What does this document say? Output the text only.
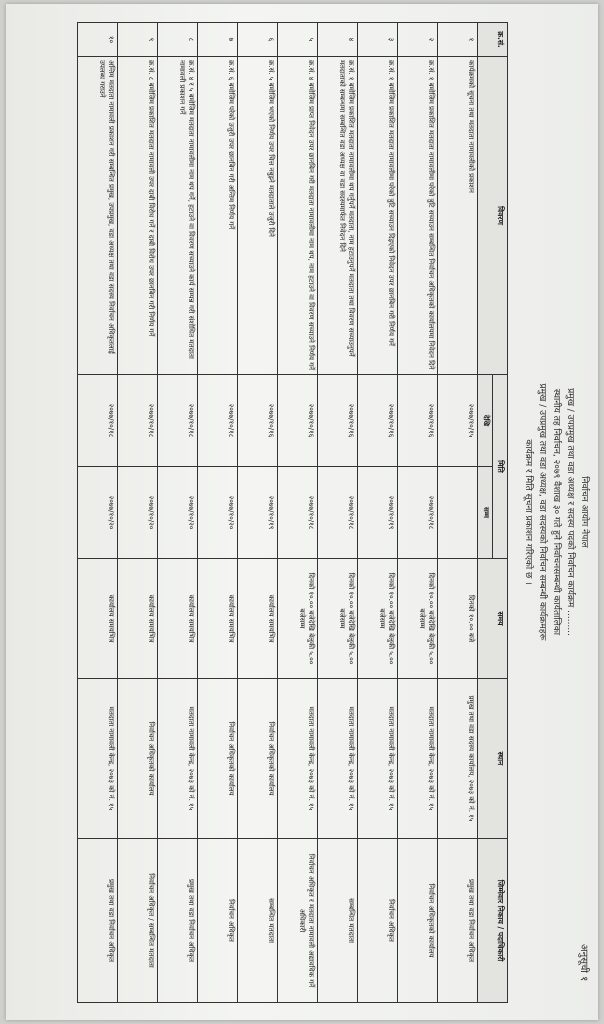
अनुसूची १
निर्वाचन आयोग नेपाल
प्रमुख / उपप्रमुख तथा वडा अध्यक्ष र सदस्य पदको निर्वाचन कार्यक्रम .........
स्थानीय तह निर्वाचन, २०७९ वैशाख ३० गते हुने निर्वाचनसम्बन्धी कार्यतालिका
प्रमुख / उपप्रमुख तथा वडा अध्यक्ष, वडा सदस्यको निर्वाचन सम्बन्धी कार्यक्रमहरू
कार्यक्रम र मिति सूचना प्रकाशन गरिएको छ ।
क्र.सं.	विवरण	मिति		समय	स्थान	जिम्मेवार निकाय / पदाधिकारी
		देखि	सम्म			
१	कार्यक्रमको सूचना तथा मतदाता नामावलीको प्रकाशन	२०७७/१०/१५		दिनको १०.०० बजे	प्रमुख तथा वडा सदस्य कार्यालय, २०७३ को नं. १५	प्रमुख तथा वडा निर्वाचन अधिकृत
२	क्र.सं. १ बमोजिम प्रकाशित मतदाता नामावलीमा परेको त्रुटि सच्याउन सम्बन्धित निर्वाचन अधिकृतको कार्यालयमा निवेदन दिने	२०७७/१०/१६	२०७७/१०/१८	दिनको १०.०० बजेदेखि बेलुकी ५.०० बजेसम्म	मतदाता नामावली केन्द्र, २०७३ को नं. १५	निर्वाचन अधिकृतको कार्यालय
३	क्र.सं. १ बमोजिम प्रकाशित मतदाता नामावलीमा परेको त्रुटि सच्याउन दिइएको निवेदन उपर छानबिन गरी निर्णय गर्ने	२०७७/१०/१६	२०७७/१०/१९	दिनको १०.०० बजेदेखि बेलुकी ५.०० बजेसम्म	मतदाता नामावली केन्द्र, २०७३ को नं. १५	निर्वाचन अधिकृत
४	क्र.सं. १ बमोजिम प्रकाशित मतदाता नामावलीमा थप गर्नुपर्ने मतदाता, नाम हटाउनुपर्ने मतदाता तथा विवरण सच्याउनुपर्ने मतदाताको सम्बन्धमा सम्बन्धित वडा अध्यक्ष वा वडा सदस्यमार्फत निवेदन दिने	२०७७/१०/१६	२०७७/१०/१८	दिनको १०.०० बजेदेखि बेलुकी ५.०० बजेसम्म	मतदाता नामावली केन्द्र, २०७३ को नं. १५	सम्बन्धित मतदाता
५	क्र.सं. ४ बमोजिम प्राप्त निवेदन उपर छानबिन गरी मतदाता नामावलीमा नाम थप, नाम हटाउने वा विवरण सच्याउने निर्णय गर्ने	२०७७/१०/१६	२०७७/१०/१८	दिनको १०.०० बजेदेखि बेलुकी ५.०० बजेसम्म	मतदाता नामावली केन्द्र, २०७३ को नं. १५	निर्वाचन अधिकृत र मतदाता नामावली अद्यावधिक गर्ने अधिकारी
६	क्र.सं. ५ बमोजिम भएको निर्णय उपर चित्त नबुझ्ने मतदाताले उजुरी दिने	२०७७/१०/१६	२०७७/१०/१९	कार्यालय समयभित्र	निर्वाचन अधिकृतको कार्यालय	सम्बन्धित मतदाता
७	क्र.सं. ६ बमोजिम परेको उजुरी उपर छानबिन गरी अन्तिम निर्णय गर्ने	२०७७/१०/१८	२०७७/१०/२०	कार्यालय समयभित्र	निर्वाचन अधिकृतको कार्यालय	निर्वाचन अधिकृत
८	क्र.सं. ४ र ५ बमोजिम मतदाता नामावलीमा नाम थप गर्ने, हटाउने वा विवरण सच्याउने कार्य सम्पन्न गरी संशोधित मतदाता नामावली प्रकाशन गर्ने	२०७७/१०/१८	२०७७/१०/२०	कार्यालय समयभित्र	मतदाता नामावली केन्द्र, २०७३ को नं. १५	प्रमुख तथा वडा निर्वाचन अधिकृत
९	क्र.सं. ८ बमोजिम प्रकाशित मतदाता नामावली उपर दाबी विरोध गर्ने र दाबी विरोध उपर छानबिन गरी निर्णय गर्ने	२०७७/१०/१८	२०७७/१०/२०	कार्यालय समयभित्र	निर्वाचन अधिकृतको कार्यालय	निर्वाचन अधिकृत / सम्बन्धित मतदाता
१०	अन्तिम मतदाता नामावली प्रकाशन गरी सम्बन्धित प्रमुख, उपप्रमुख, वडा अध्यक्ष तथा वडा सदस्य निर्वाचन अधिकृतलाई उपलब्ध गराउने	२०७७/१०/१८	२०७७/१०/२०	कार्यालय समयभित्र	मतदाता नामावली केन्द्र, २०७३ को नं. १५	प्रमुख तथा वडा निर्वाचन अधिकृत
